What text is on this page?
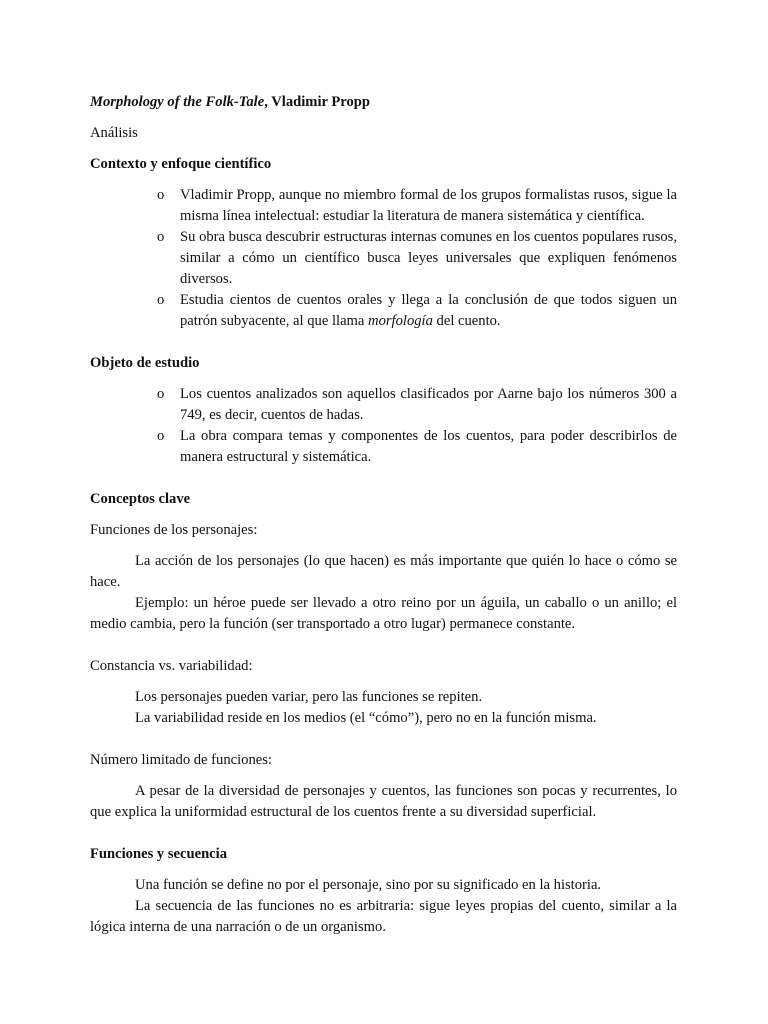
Morphology of the Folk-Tale, Vladimir Propp

Análisis

Contexto y enfoque científico
o Vladimir Propp, aunque no miembro formal de los grupos formalistas rusos, sigue la misma línea intelectual: estudiar la literatura de manera sistemática y científica.
o Su obra busca descubrir estructuras internas comunes en los cuentos populares rusos, similar a cómo un científico busca leyes universales que expliquen fenómenos diversos.
o Estudia cientos de cuentos orales y llega a la conclusión de que todos siguen un patrón subyacente, al que llama morfología del cuento.
Objeto de estudio
o Los cuentos analizados son aquellos clasificados por Aarne bajo los números 300 a 749, es decir, cuentos de hadas.
o La obra compara temas y componentes de los cuentos, para poder describirlos de manera estructural y sistemática.
Conceptos clave

Funciones de los personajes:

La acción de los personajes (lo que hacen) es más importante que quién lo hace o cómo se hace.

Ejemplo: un héroe puede ser llevado a otro reino por un águila, un caballo o un anillo; el medio cambia, pero la función (ser transportado a otro lugar) permanece constante.

Constancia vs. variabilidad:

Los personajes pueden variar, pero las funciones se repiten.

La variabilidad reside en los medios (el “cómo”), pero no en la función misma.

Número limitado de funciones:

A pesar de la diversidad de personajes y cuentos, las funciones son pocas y recurrentes, lo que explica la uniformidad estructural de los cuentos frente a su diversidad superficial.

Funciones y secuencia

Una función se define no por el personaje, sino por su significado en la historia.

La secuencia de las funciones no es arbitraria: sigue leyes propias del cuento, similar a la lógica interna de una narración o de un organismo.
